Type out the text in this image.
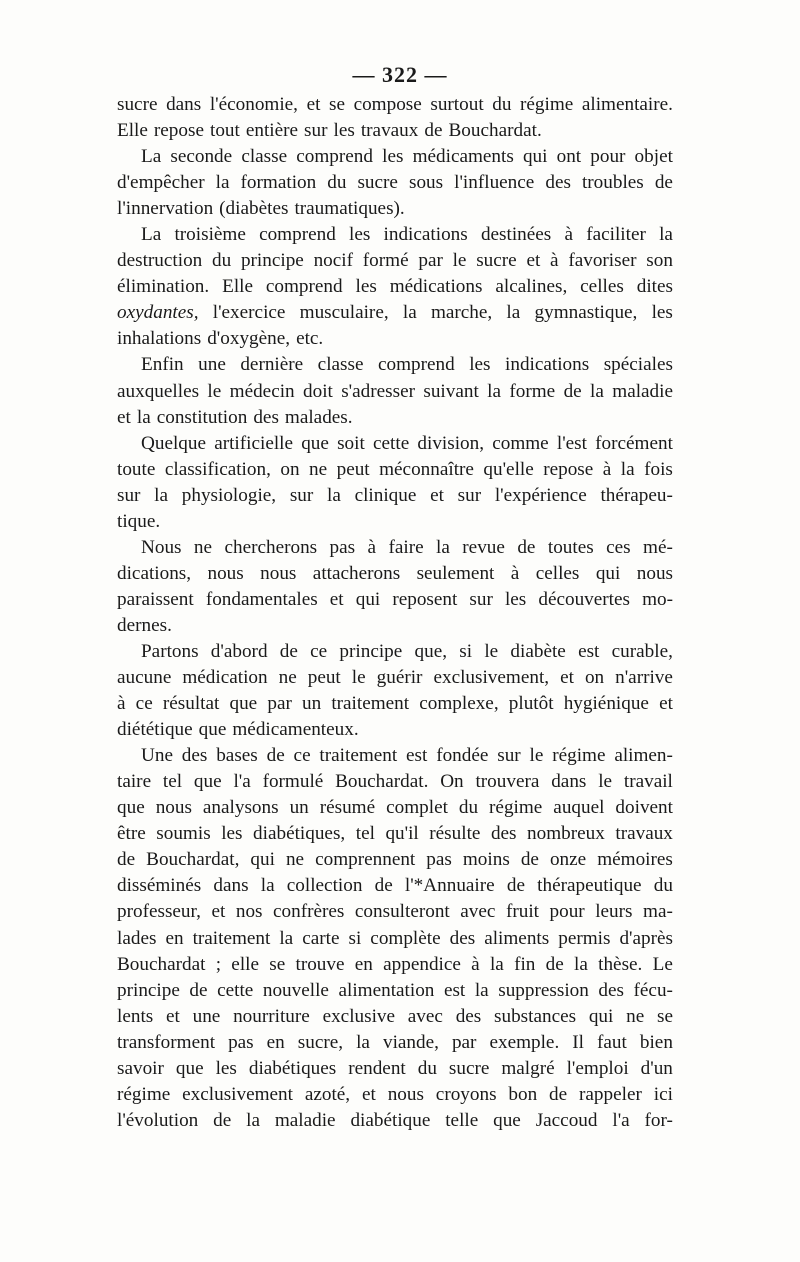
— 322 —
sucre dans l'économie, et se compose surtout du régime alimentaire.
Elle repose tout entière sur les travaux de Bouchardat.
La seconde classe comprend les médicaments qui ont pour objet
d'empêcher la formation du sucre sous l'influence des troubles de
l'innervation (diabètes traumatiques).
La troisième comprend les indications destinées à faciliter la
destruction du principe nocif formé par le sucre et à favoriser son
élimination. Elle comprend les médications alcalines, celles dites
oxydantes, l'exercice musculaire, la marche, la gymnastique, les
inhalations d'oxygène, etc.
Enfin une dernière classe comprend les indications spéciales
auxquelles le médecin doit s'adresser suivant la forme de la maladie
et la constitution des malades.
Quelque artificielle que soit cette division, comme l'est forcément
toute classification, on ne peut méconnaître qu'elle repose à la fois
sur la physiologie, sur la clinique et sur l'expérience thérapeu-
tique.
Nous ne chercherons pas à faire la revue de toutes ces mé-
dications, nous nous attacherons seulement à celles qui nous
paraissent fondamentales et qui reposent sur les découvertes mo-
dernes.
Partons d'abord de ce principe que, si le diabète est curable,
aucune médication ne peut le guérir exclusivement, et on n'arrive
à ce résultat que par un traitement complexe, plutôt hygiénique et
diététique que médicamenteux.
Une des bases de ce traitement est fondée sur le régime alimen-
taire tel que l'a formulé Bouchardat. On trouvera dans le travail
que nous analysons un résumé complet du régime auquel doivent
être soumis les diabétiques, tel qu'il résulte des nombreux travaux
de Bouchardat, qui ne comprennent pas moins de onze mémoires
disséminés dans la collection de l'*Annuaire de thérapeutique du
professeur, et nos confrères consulteront avec fruit pour leurs ma-
lades en traitement la carte si complète des aliments permis d'après
Bouchardat ; elle se trouve en appendice à la fin de la thèse. Le
principe de cette nouvelle alimentation est la suppression des fécu-
lents et une nourriture exclusive avec des substances qui ne se
transforment pas en sucre, la viande, par exemple. Il faut bien
savoir que les diabétiques rendent du sucre malgré l'emploi d'un
régime exclusivement azoté, et nous croyons bon de rappeler ici
l'évolution de la maladie diabétique telle que Jaccoud l'a for-
